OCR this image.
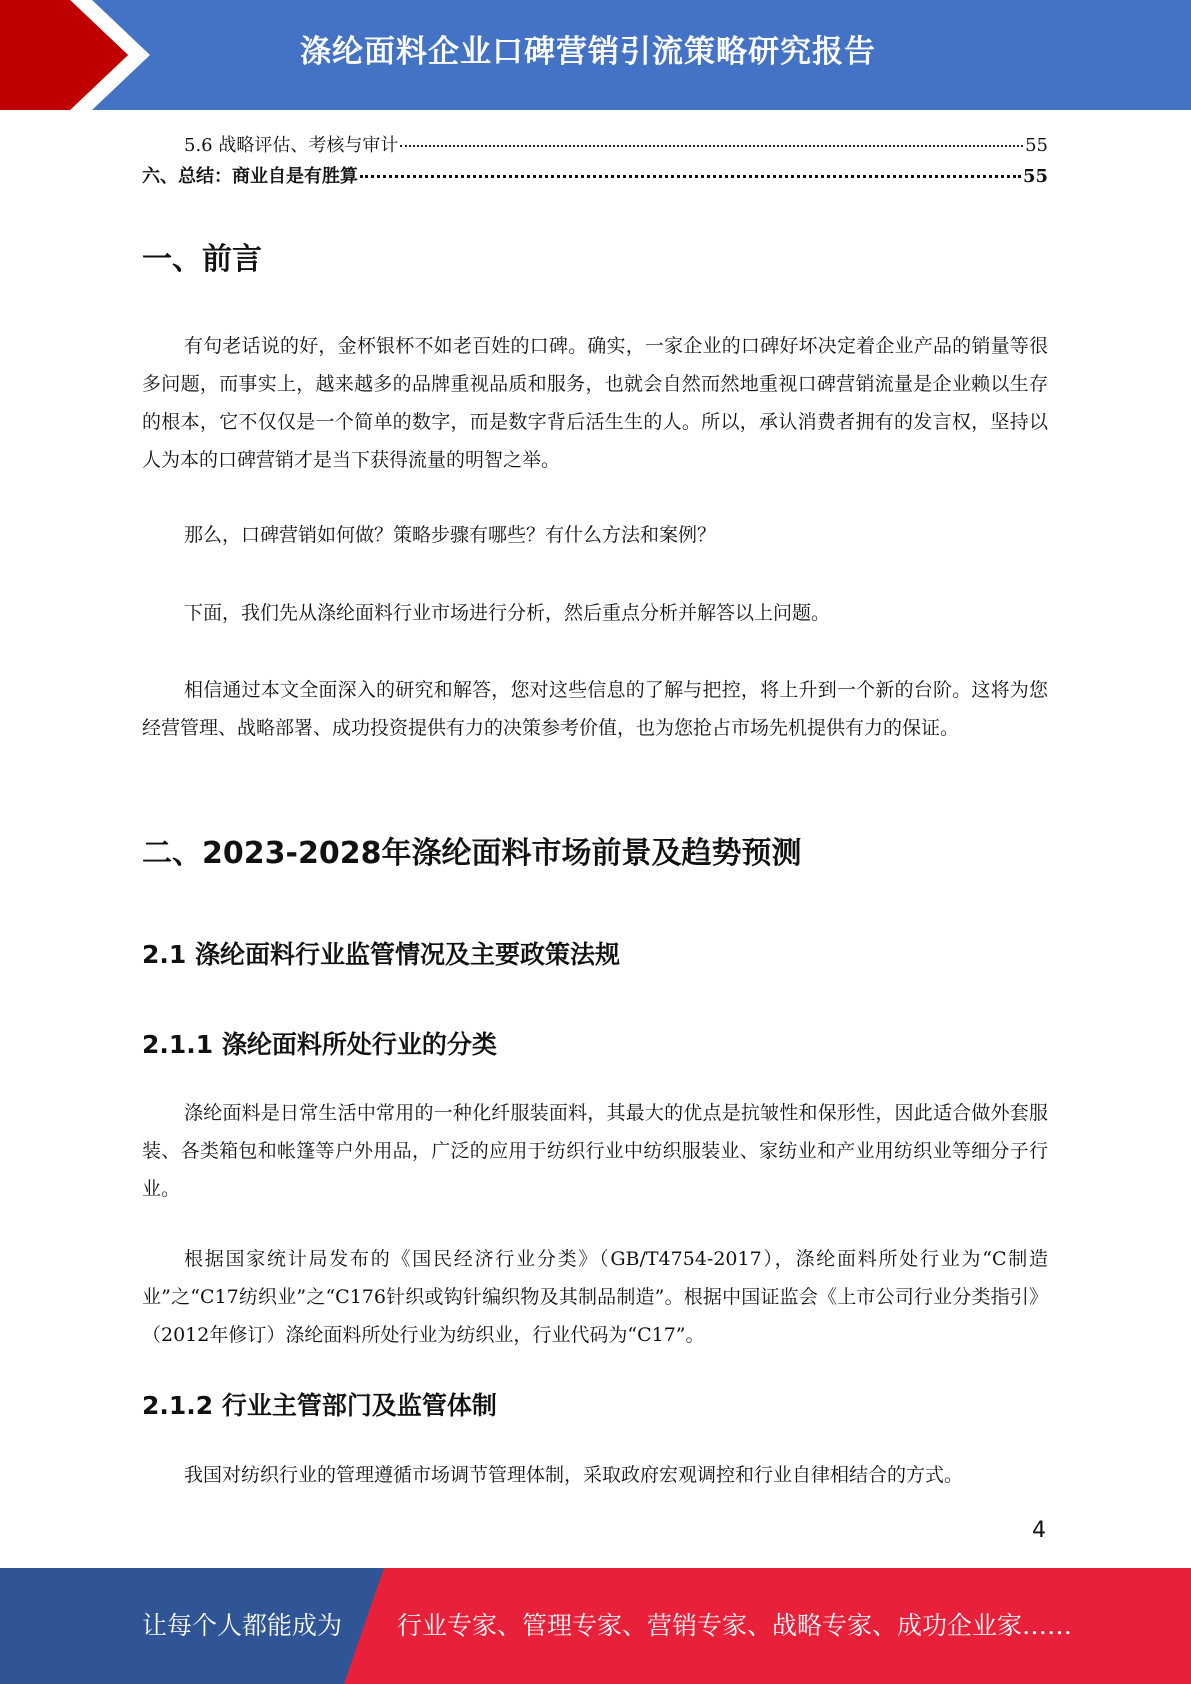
涤纶面料企业口碑营销引流策略研究报告
5.6 战略评估、考核与审计	55
六、总结：商业自是有胜算	55
一、前言

有句老话说的好，金杯银杯不如老百姓的口碑。确实，一家企业的口碑好坏决定着企业产品的销量等很多问题，而事实上，越来越多的品牌重视品质和服务，也就会自然而然地重视口碑营销流量是企业赖以生存的根本，它不仅仅是一个简单的数字，而是数字背后活生生的人。所以，承认消费者拥有的发言权，坚持以人为本的口碑营销才是当下获得流量的明智之举。

那么，口碑营销如何做？策略步骤有哪些？有什么方法和案例？

下面，我们先从涤纶面料行业市场进行分析，然后重点分析并解答以上问题。

相信通过本文全面深入的研究和解答，您对这些信息的了解与把控，将上升到一个新的台阶。这将为您经营管理、战略部署、成功投资提供有力的决策参考价值，也为您抢占市场先机提供有力的保证。

二、2023-2028年涤纶面料市场前景及趋势预测
2.1 涤纶面料行业监管情况及主要政策法规
2.1.1 涤纶面料所处行业的分类

涤纶面料是日常生活中常用的一种化纤服装面料，其最大的优点是抗皱性和保形性，因此适合做外套服装、各类箱包和帐篷等户外用品，广泛的应用于纺织行业中纺织服装业、家纺业和产业用纺织业等细分子行业。

根据国家统计局发布的《国民经济行业分类》（GB/T4754-2017），涤纶面料所处行业为“C制造业”之“C17纺织业”之“C176针织或钩针编织物及其制品制造”。根据中国证监会《上市公司行业分类指引》（2012年修订）涤纶面料所处行业为纺织业，行业代码为“C17”。

2.1.2 行业主管部门及监管体制

我国对纺织行业的管理遵循市场调节管理体制，采取政府宏观调控和行业自律相结合的方式。

4
让每个人都能成为 行业专家、管理专家、营销专家、战略专家、成功企业家……
